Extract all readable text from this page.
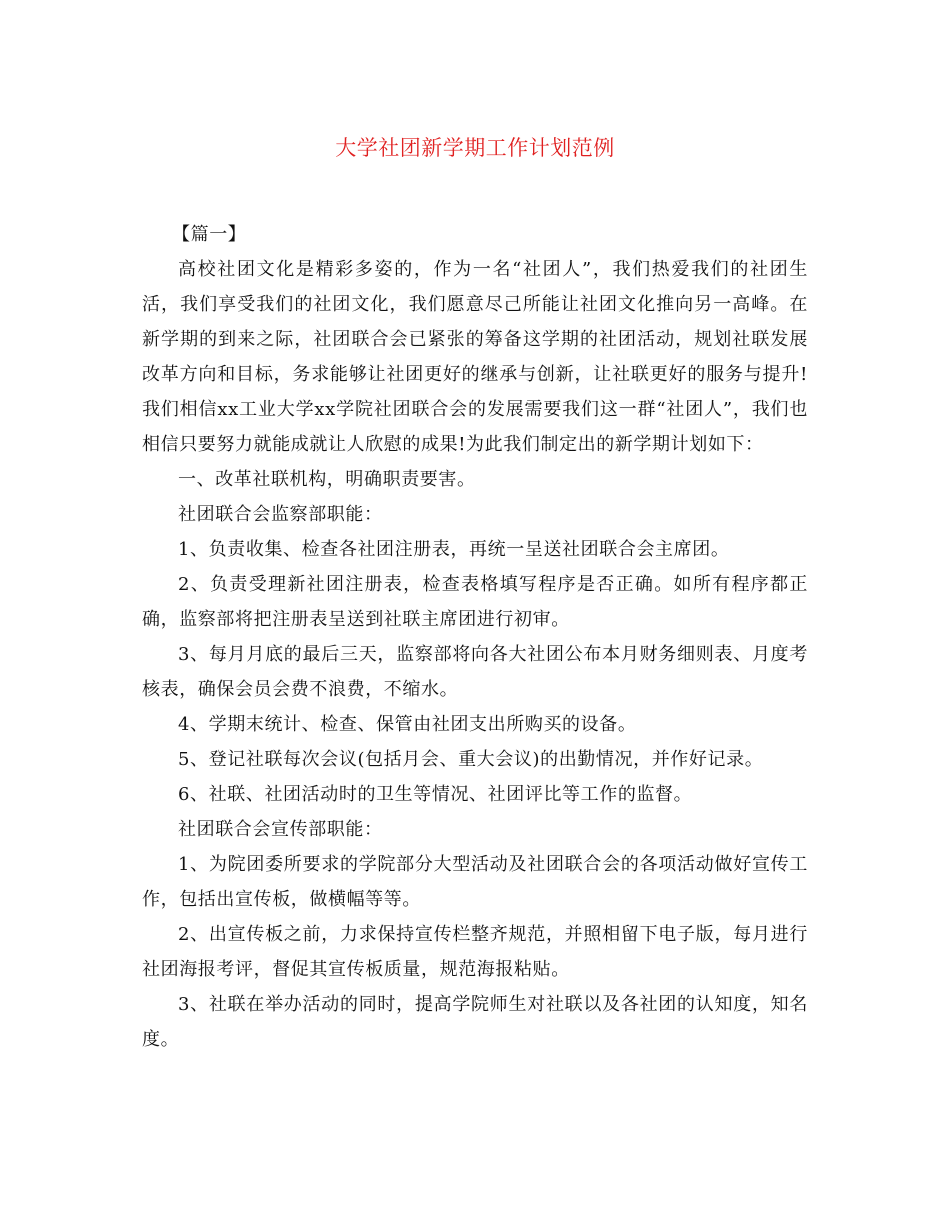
大学社团新学期工作计划范例

【篇一】

高校社团文化是精彩多姿的，作为一名“社团人”，我们热爱我们的社团生活，我们享受我们的社团文化，我们愿意尽己所能让社团文化推向另一高峰。在新学期的到来之际，社团联合会已紧张的筹备这学期的社团活动，规划社联发展改革方向和目标，务求能够让社团更好的继承与创新，让社联更好的服务与提升!我们相信xx工业大学xx学院社团联合会的发展需要我们这一群“社团人”，我们也相信只要努力就能成就让人欣慰的成果!为此我们制定出的新学期计划如下：

一、改革社联机构，明确职责要害。

社团联合会监察部职能：

1、负责收集、检查各社团注册表，再统一呈送社团联合会主席团。

2、负责受理新社团注册表，检查表格填写程序是否正确。如所有程序都正确，监察部将把注册表呈送到社联主席团进行初审。

3、每月月底的最后三天，监察部将向各大社团公布本月财务细则表、月度考核表，确保会员会费不浪费，不缩水。

4、学期末统计、检查、保管由社团支出所购买的设备。

5、登记社联每次会议(包括月会、重大会议)的出勤情况，并作好记录。

6、社联、社团活动时的卫生等情况、社团评比等工作的监督。

社团联合会宣传部职能：

1、为院团委所要求的学院部分大型活动及社团联合会的各项活动做好宣传工作，包括出宣传板，做横幅等等。

2、出宣传板之前，力求保持宣传栏整齐规范，并照相留下电子版，每月进行社团海报考评，督促其宣传板质量，规范海报粘贴。

3、社联在举办活动的同时，提高学院师生对社联以及各社团的认知度，知名度。
